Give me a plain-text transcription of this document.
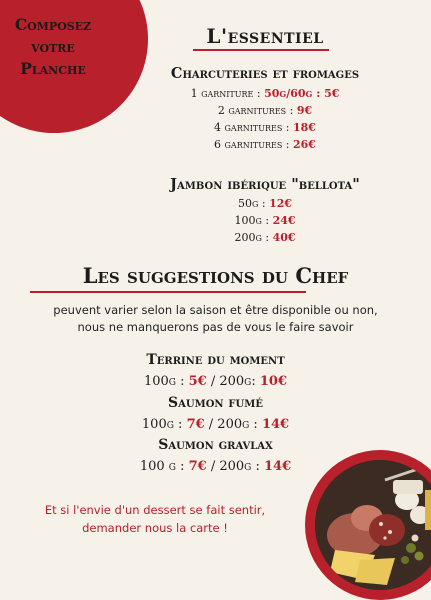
Composez
votre
Planche
L'essentiel
Charcuteries et fromages
1 garniture : 50g/60g : 5€
2 garnitures : 9€
4 garnitures : 18€
6 garnitures : 26€
Jambon ibérique "bellota"
50g : 12€
100g : 24€
200g : 40€
Les suggestions du Chef
peuvent varier selon la saison et être disponible ou non,
nous ne manquerons pas de vous le faire savoir
Terrine du moment
100g : 5€ / 200g: 10€
Saumon fumé
100g : 7€ / 200g : 14€
Saumon gravlax
100 g : 7€ / 200g : 14€
Et si l'envie d'un dessert se fait sentir,
demander nous la carte !
